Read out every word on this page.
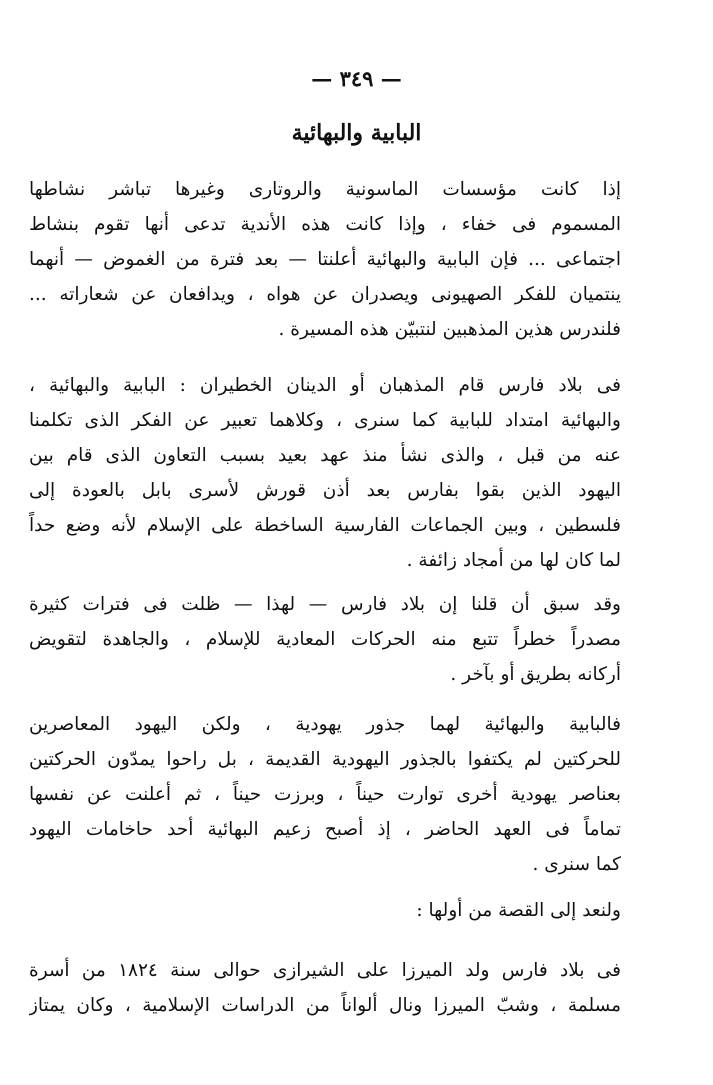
— ٣٤٩ —
البابية والبهائية
إذا كانت مؤسسات الماسونية والروتارى وغيرها تباشر نشاطها
المسموم فى خفاء ، وإذا كانت هذه الأندية تدعى أنها تقوم بنشاط
اجتماعى ... فإن البابية والبهائية أعلنتا — بعد فترة من الغموض — أنهما
ينتميان للفكر الصهيونى ويصدران عن هواه ، ويدافعان عن شعاراته ...
فلندرس هذين المذهبين لنتبيّن هذه المسيرة .
فى بلاد فارس قام المذهبان أو الدينان الخطيران : البابية والبهائية ،
والبهائية امتداد للبابية كما سنرى ، وكلاهما تعبير عن الفكر الذى تكلمنا
عنه من قبل ، والذى نشأ منذ عهد بعيد بسبب التعاون الذى قام بين
اليهود الذين بقوا بفارس بعد أذن قورش لأسرى بابل بالعودة إلى
فلسطين ، وبين الجماعات الفارسية الساخطة على الإسلام لأنه وضع حداً
لما كان لها من أمجاد زائفة .
وقد سبق أن قلنا إن بلاد فارس — لهذا — ظلت فى فترات كثيرة
مصدراً خطراً تتبع منه الحركات المعادية للإسلام ، والجاهدة لتقويض
أركانه بطريق أو بآخر .
فالبابية والبهائية لهما جذور يهودية ، ولكن اليهود المعاصرين
للحركتين لم يكتفوا بالجذور اليهودية القديمة ، بل راحوا يمدّون الحركتين
بعناصر يهودية أخرى توارت حيناً ، وبرزت حيناً ، ثم أعلنت عن نفسها
تماماً فى العهد الحاضر ، إذ أصبح زعيم البهائية أحد حاخامات اليهود
كما سنرى .
ولنعد إلى القصة من أولها :
فى بلاد فارس ولد الميرزا على الشيرازى حوالى سنة ١٨٢٤ من أسرة
مسلمة ، وشبّ الميرزا ونال ألواناً من الدراسات الإسلامية ، وكان يمتاز
